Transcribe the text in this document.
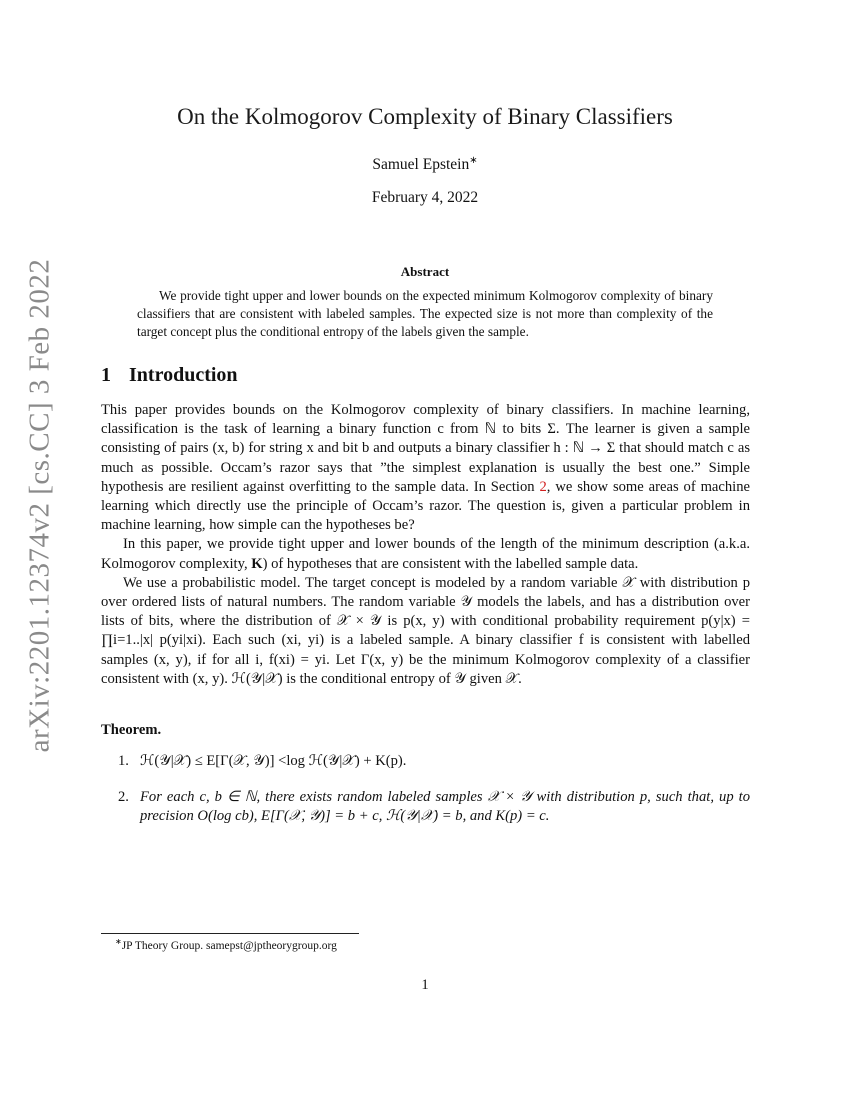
arXiv:2201.12374v2 [cs.CC] 3 Feb 2022
On the Kolmogorov Complexity of Binary Classifiers
Samuel Epstein∗
February 4, 2022
Abstract
We provide tight upper and lower bounds on the expected minimum Kolmogorov complexity of binary classifiers that are consistent with labeled samples. The expected size is not more than complexity of the target concept plus the conditional entropy of the labels given the sample.
1 Introduction

This paper provides bounds on the Kolmogorov complexity of binary classifiers. In machine learning, classification is the task of learning a binary function c from ℕ to bits Σ. The learner is given a sample consisting of pairs (x, b) for string x and bit b and outputs a binary classifier h : ℕ → Σ that should match c as much as possible. Occam’s razor says that ”the simplest explanation is usually the best one.” Simple hypothesis are resilient against overfitting to the sample data. In Section 2, we show some areas of machine learning which directly use the principle of Occam’s razor. The question is, given a particular problem in machine learning, how simple can the hypotheses be?

In this paper, we provide tight upper and lower bounds of the length of the minimum description (a.k.a. Kolmogorov complexity, K) of hypotheses that are consistent with the labelled sample data.

We use a probabilistic model. The target concept is modeled by a random variable 𝒳 with distribution p over ordered lists of natural numbers. The random variable 𝒴 models the labels, and has a distribution over lists of bits, where the distribution of 𝒳 × 𝒴 is p(x, y) with conditional probability requirement p(y|x) = ∏i=1..|x| p(yi|xi). Each such (xi, yi) is a labeled sample. A binary classifier f is consistent with labelled samples (x, y), if for all i, f(xi) = yi. Let Γ(x, y) be the minimum Kolmogorov complexity of a classifier consistent with (x, y). ℋ(𝒴|𝒳) is the conditional entropy of 𝒴 given 𝒳.

Theorem.
1. ℋ(𝒴|𝒳) ≤ E[Γ(𝒳, 𝒴)] <log ℋ(𝒴|𝒳) + K(p).
2. For each c, b ∈ ℕ, there exists random labeled samples 𝒳 × 𝒴 with distribution p, such that, up to precision O(log cb), E[Γ(𝒳, 𝒴)] = b + c, ℋ(𝒴|𝒳) = b, and K(p) = c.
∗JP Theory Group. samepst@jptheorygroup.org
1
